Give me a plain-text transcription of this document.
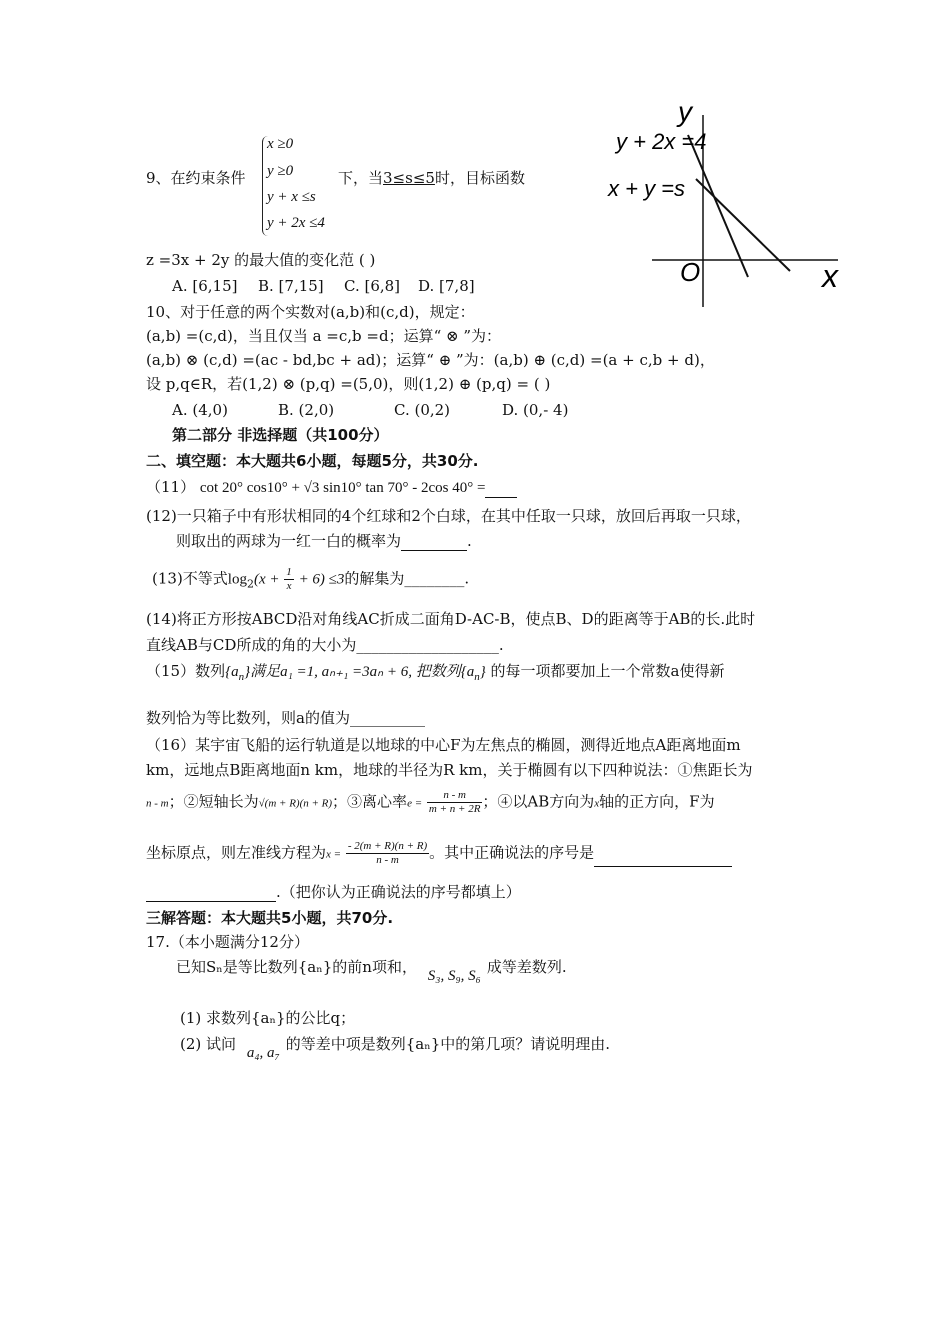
9、在约束条件
x ≥0
y ≥0
y + x ≤s
y + 2x ≤4
下，当3≤s≤5时，目标函数
z =3x + 2y 的最大值的变化范 ( )
A. [6,15] B. [7,15] C. [6,8] D. [7,8]
y
x
O
y + 2x =4
x + y =s
10、对于任意的两个实数对(a,b)和(c,d)，规定：
(a,b) =(c,d)，当且仅当 a =c,b =d；运算“ ⊗ ”为：
(a,b) ⊗ (c,d) =(ac - bd,bc + ad)；运算“ ⊕ ”为：(a,b) ⊕ (c,d) =(a + c,b + d)，
设 p,q∈R，若(1,2) ⊗ (p,q) =(5,0)，则(1,2) ⊕ (p,q) = ( )
A. (4,0)	B. (2,0)	C. (0,2)	D. (0,- 4)
第二部分 非选择题（共100分）
二、填空题：本大题共6小题，每题5分，共30分.
（11） cot 20° cos10° + √3 sin10° tan 70° - 2cos 40° =
(12)一只箱子中有形状相同的4个红球和2个白球，在其中任取一只球，放回后再取一只球，
则取出的两球为一红一白的概率为	.
(13)不等式$\log_2(x + \frac{1}{x} + 6) \le 3$的解集为________.
(14)将正方形按ABCD沿对角线AC折成二面角D-AC-B，使点B、D的距离等于AB的长.此时
直线AB与CD所成的角的大小为___________________.
（15）数列$\{a_n\}$满足a₁ =1, aₙ₊₁ =3aₙ + 6, 把数列$\{a_n\}$ 的每一项都要加上一个常数a使得新
数列恰为等比数列，则a的值为__________
（16）某宇宙飞船的运行轨道是以地球的中心F为左焦点的椭圆，测得近地点A距离地面m
km，远地点B距离地面n km，地球的半径为R km，关于椭圆有以下四种说法：①焦距长为
n - m；②短轴长为√(m + R)(n + R)；③离心率$e = \frac{n - m}{m + n + 2R}$ ；④以AB方向为x轴的正方向，F为
坐标原点，则左准线方程为$x = \frac{- 2(m + R)(n + R)}{n - m}$ 。其中正确说法的序号是
.（把你认为正确说法的序号都填上）
三解答题：本大题共5小题，共70分.
17.（本小题满分12分）
已知Sₙ是等比数列{aₙ}的前n项和， S₃, S₉, S₆ 成等差数列.
(1) 求数列{aₙ}的公比q；
(2) 试问 a₄, a₇ 的等差中项是数列{aₙ}中的第几项？请说明理由.
